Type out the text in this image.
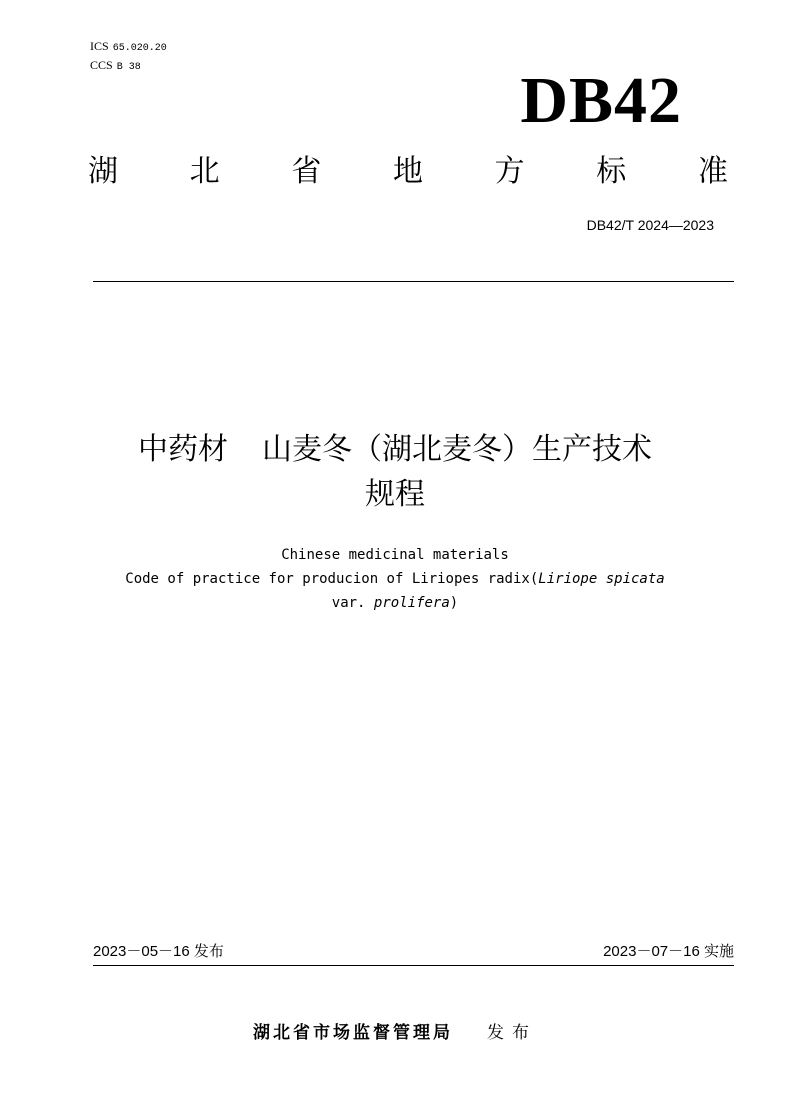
ICS 65.020.20
CCS B 38	DB42
湖 北 省 地 方 标 准
DB42/T 2024—2023
中药材 山麦冬（湖北麦冬）生产技术
规程
Chinese medicinal materials
Code of practice for producion of Liriopes radix(Liriope spicata
var. prolifera)
2023－05－16 发布	2023－07－16 实施
湖北省市场监督管理局 发布
